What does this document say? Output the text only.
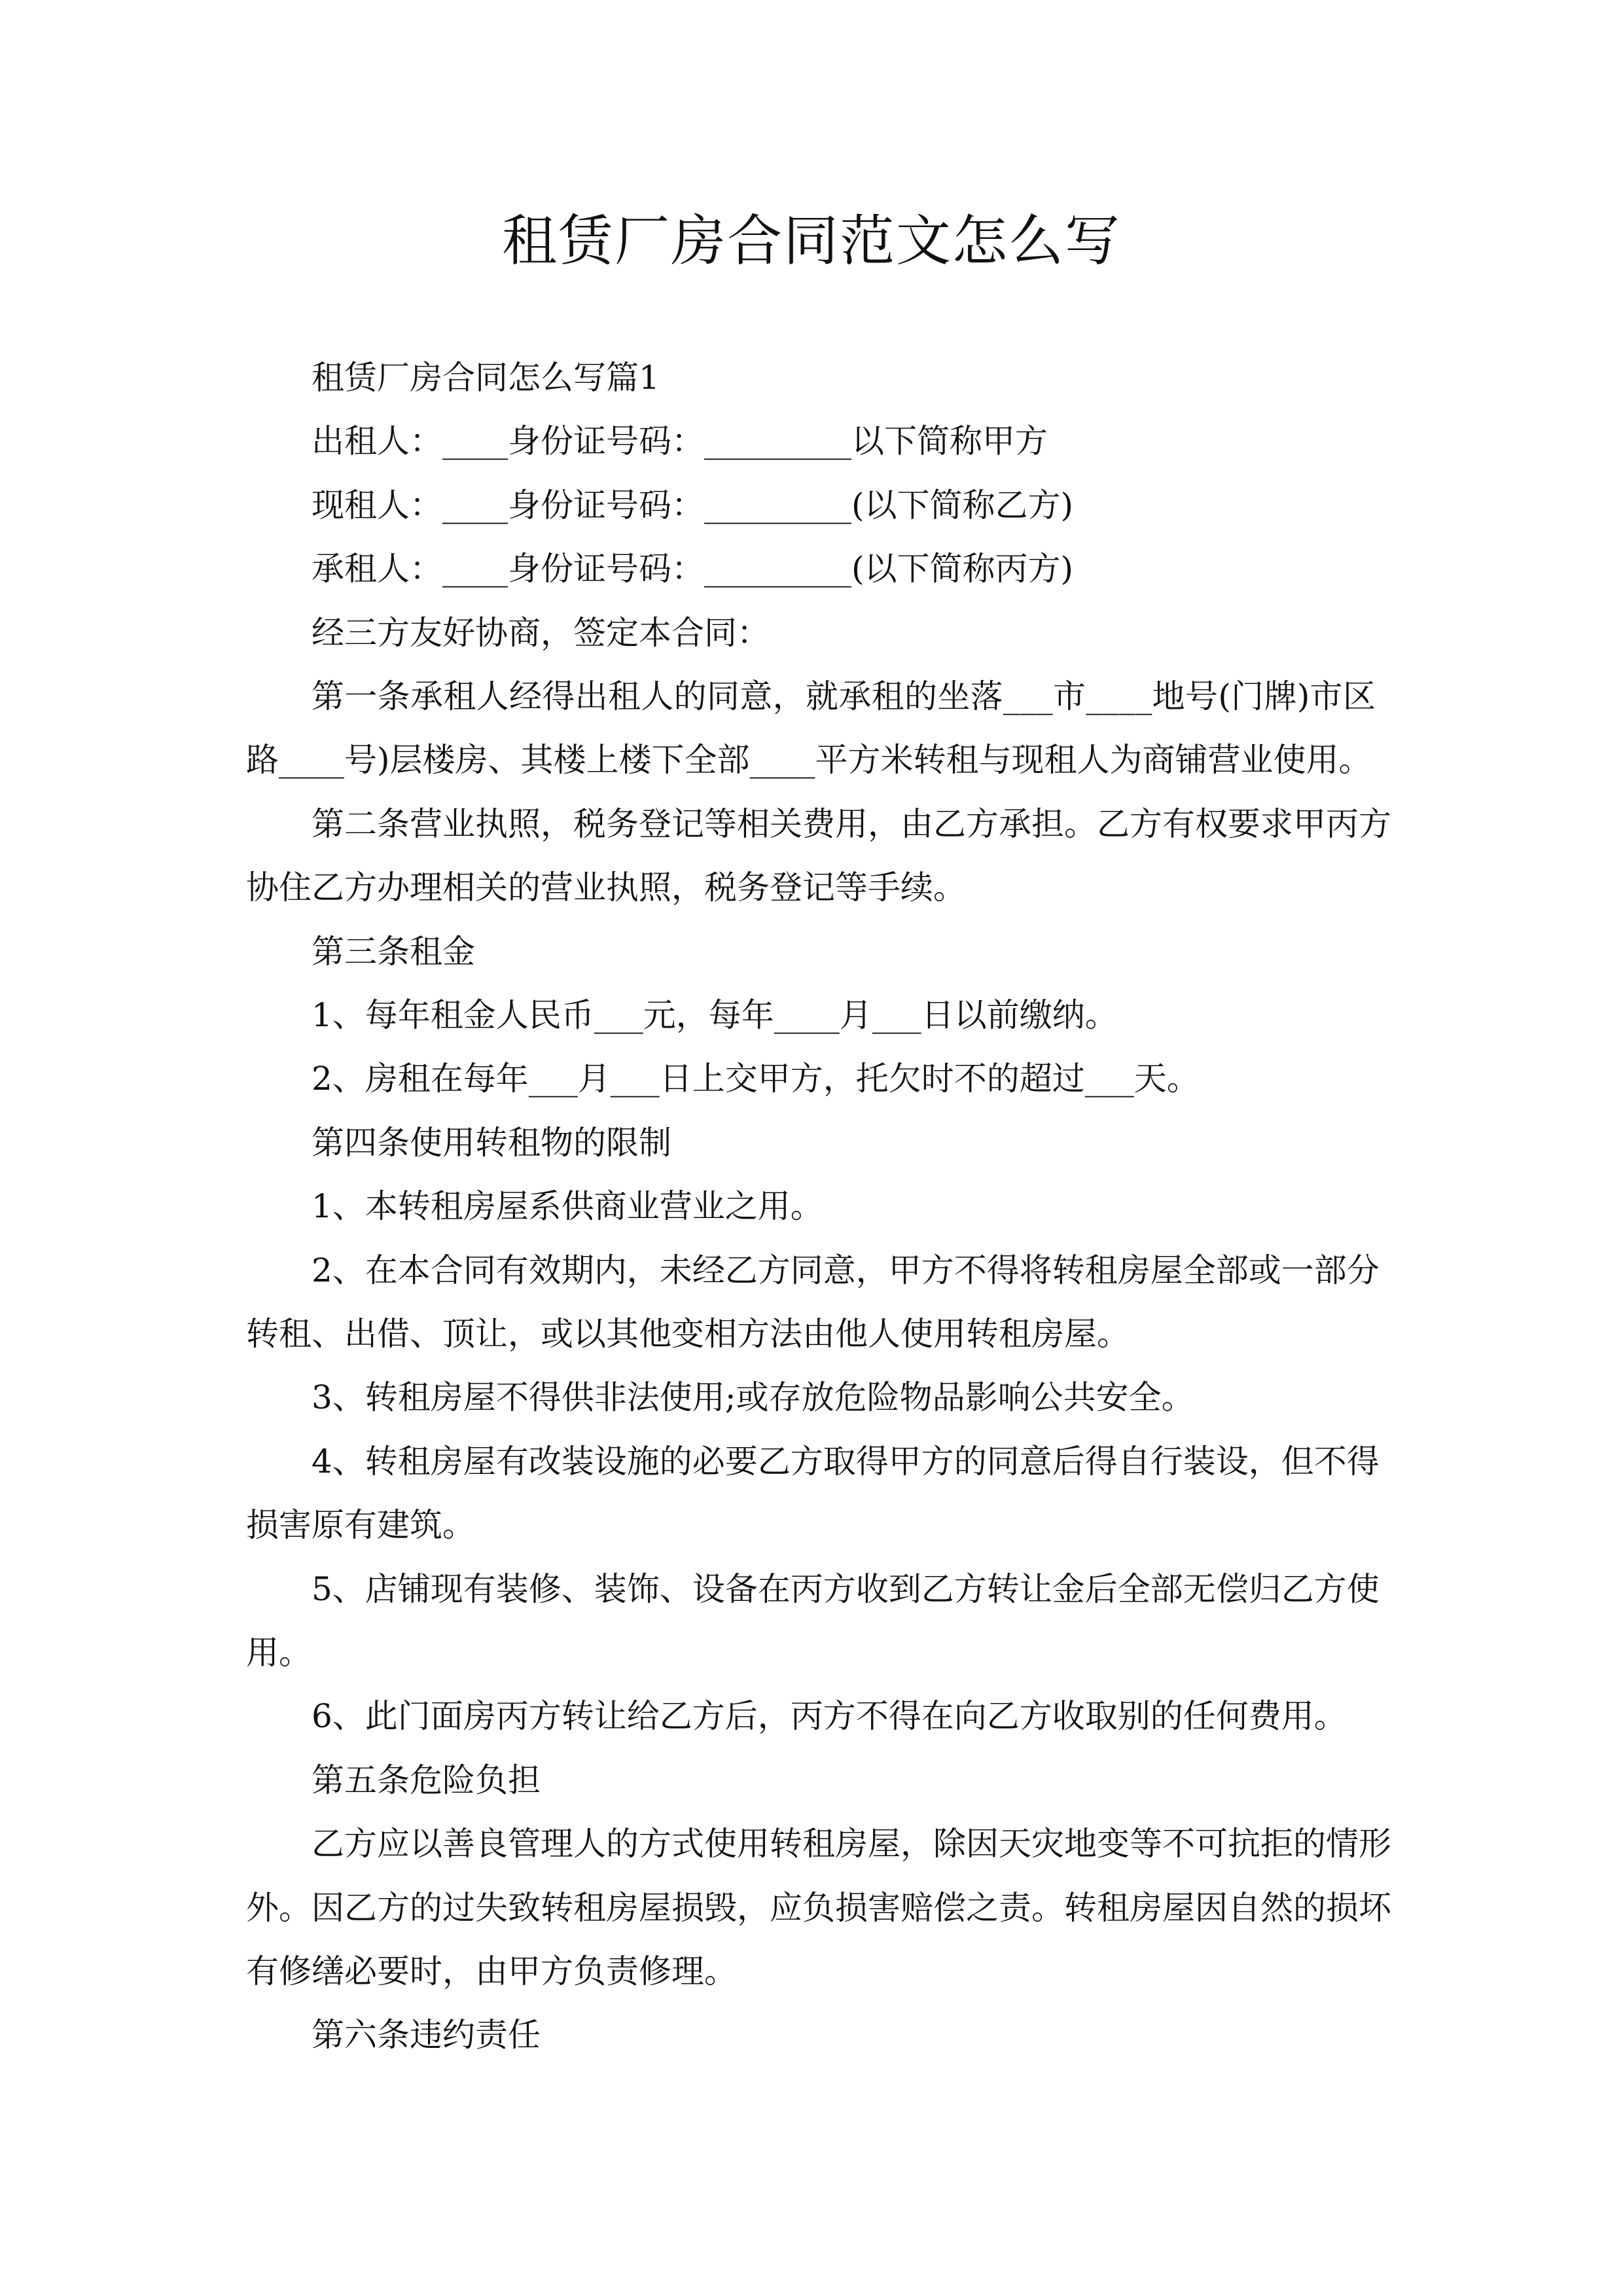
租赁厂房合同范文怎么写
租赁厂房合同怎么写篇1
出租人：____身份证号码：_________以下简称甲方
现租人：____身份证号码：_________(以下简称乙方)
承租人：____身份证号码：_________(以下简称丙方)
经三方友好协商，签定本合同：
第一条承租人经得出租人的同意，就承租的坐落___市____地号(门牌)市区
路____号)层楼房、其楼上楼下全部____平方米转租与现租人为商铺营业使用。
第二条营业执照，税务登记等相关费用，由乙方承担。乙方有权要求甲丙方
协住乙方办理相关的营业执照，税务登记等手续。
第三条租金
1、每年租金人民币___元，每年____月___日以前缴纳。
2、房租在每年___月___日上交甲方，托欠时不的超过___天。
第四条使用转租物的限制
1、本转租房屋系供商业营业之用。
2、在本合同有效期内，未经乙方同意，甲方不得将转租房屋全部或一部分
转租、出借、顶让，或以其他变相方法由他人使用转租房屋。
3、转租房屋不得供非法使用;或存放危险物品影响公共安全。
4、转租房屋有改装设施的必要乙方取得甲方的同意后得自行装设，但不得
损害原有建筑。
5、店铺现有装修、装饰、设备在丙方收到乙方转让金后全部无偿归乙方使
用。
6、此门面房丙方转让给乙方后，丙方不得在向乙方收取别的任何费用。
第五条危险负担
乙方应以善良管理人的方式使用转租房屋，除因天灾地变等不可抗拒的情形
外。因乙方的过失致转租房屋损毁，应负损害赔偿之责。转租房屋因自然的损坏
有修缮必要时，由甲方负责修理。
第六条违约责任
